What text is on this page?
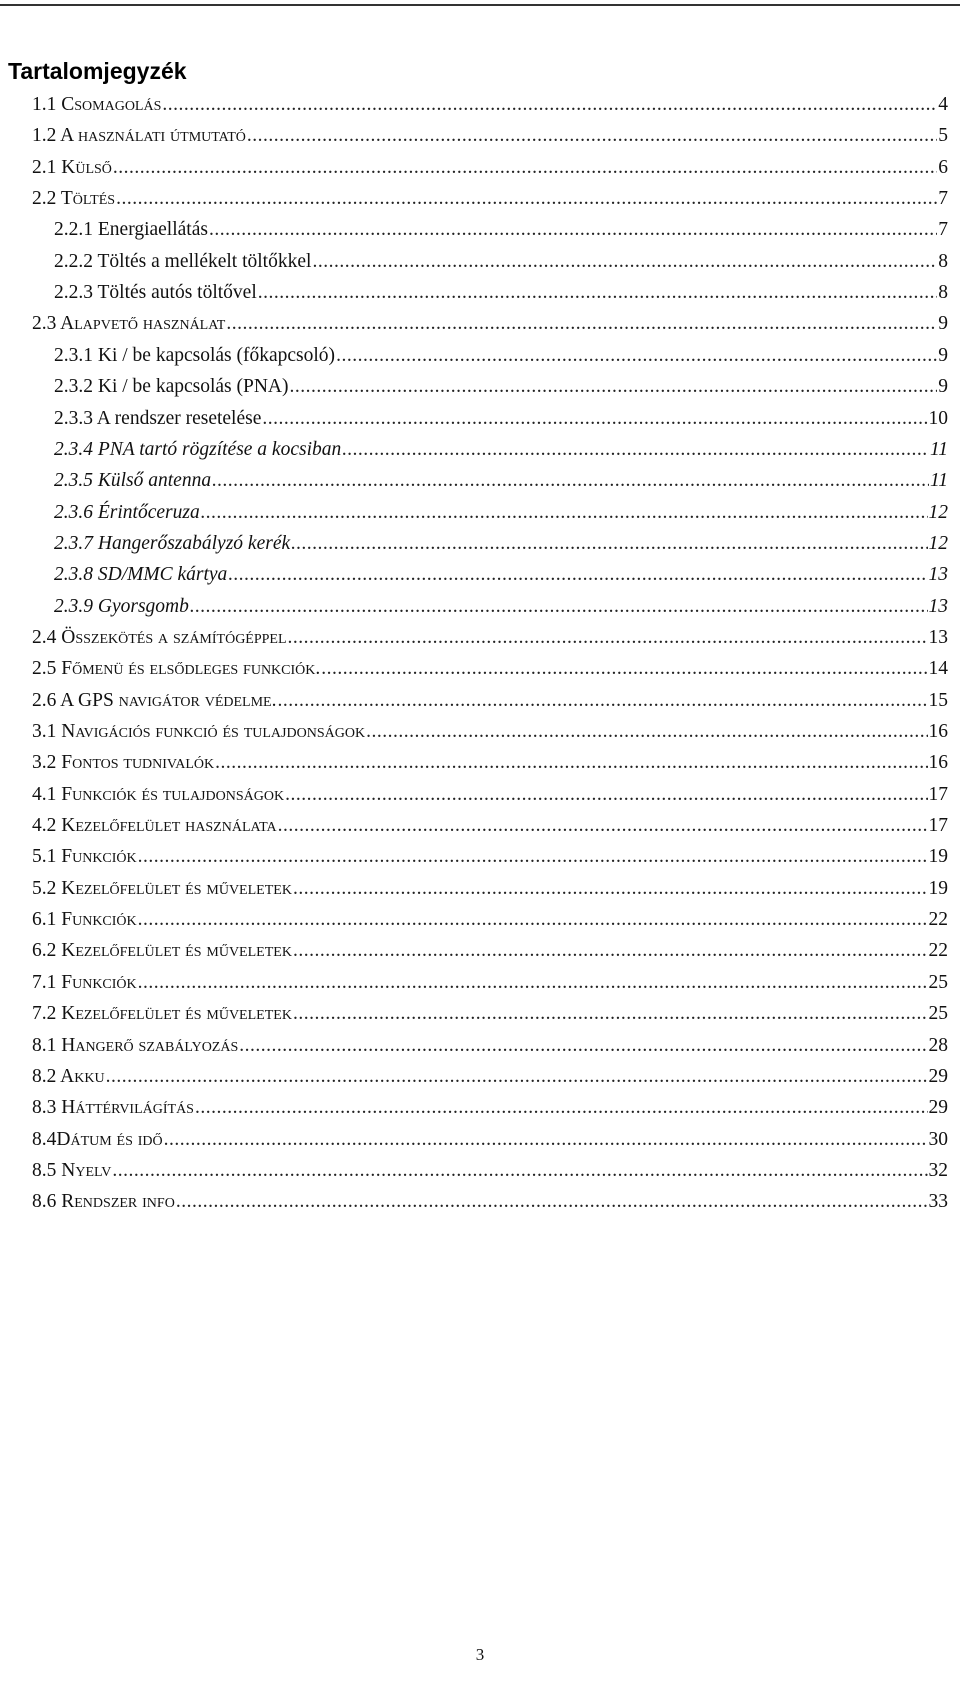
Tartalomjegyzék
1.1 Csomagolás .....	4
1.2 A használati útmutató .....	5
2.1 Külső .....	6
2.2 Töltés .....	7
2.2.1 Energiaellátás .....	7
2.2.2 Töltés a mellékelt töltőkkel .....	8
2.2.3 Töltés autós töltővel .....	8
2.3 Alapvető használat .....	9
2.3.1 Ki / be kapcsolás (főkapcsoló) .....	9
2.3.2 Ki / be kapcsolás (PNA) .....	9
2.3.3 A rendszer resetelése .....	10
2.3.4 PNA tartó rögzítése a kocsiban .....	11
2.3.5 Külső antenna .....	11
2.3.6 Érintőceruza .....	12
2.3.7 Hangerőszabályzó kerék .....	12
2.3.8 SD/MMC kártya .....	13
2.3.9 Gyorsgomb .....	13
2.4 Összekötés a számítógéppel .....	13
2.5 Főmenü és elsődleges funkciók. .....	14
2.6 A GPS navigátor védelme. .....	15
3.1 Navigációs funkció és tulajdonságok .....	16
3.2 Fontos tudnivalók .....	16
4.1 Funkciók és tulajdonságok .....	17
4.2 Kezelőfelület használata .....	17
5.1 Funkciók .....	19
5.2 Kezelőfelület és műveletek .....	19
6.1 Funkciók .....	22
6.2 Kezelőfelület és műveletek .....	22
7.1 Funkciók .....	25
7.2 Kezelőfelület és műveletek .....	25
8.1 Hangerő szabályozás .....	28
8.2 Akku .....	29
8.3 Háttérvilágítás .....	29
8.4Dátum és idő .....	30
8.5 Nyelv .....	32
8.6 Rendszer info .....	33
3
